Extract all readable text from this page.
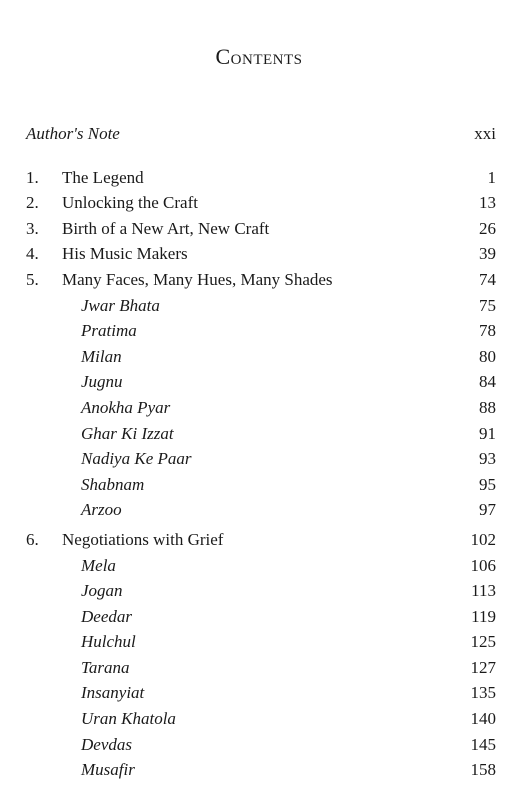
Contents
Author's Note	xxi
1.	The Legend	1
2.	Unlocking the Craft	13
3.	Birth of a New Art, New Craft	26
4.	His Music Makers	39
5.	Many Faces, Many Hues, Many Shades	74
Jwar Bhata	75
Pratima	78
Milan	80
Jugnu	84
Anokha Pyar	88
Ghar Ki Izzat	91
Nadiya Ke Paar	93
Shabnam	95
Arzoo	97
6.	Negotiations with Grief	102
Mela	106
Jogan	113
Deedar	119
Hulchul	125
Tarana	127
Insanyiat	135
Uran Khatola	140
Devdas	145
Musafir	158
